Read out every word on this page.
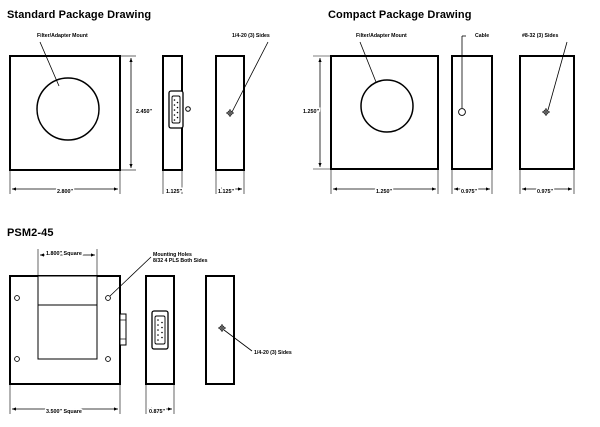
Standard Package Drawing	Compact Package Drawing
PSM2-45
Filter/Adapter Mount
2.450"
2.800"	1.125"
1/4-20 (3) Sides
1.125"
Filter/Adapter Mount
1.250"
1.250"
Cable
0.975"
#8-32 (3) Sides
0.975"
1.800" Square	Mounting Holes
8/32 4 PLS Both Sides
3.500" Square	0.875"
1/4-20 (3) Sides
